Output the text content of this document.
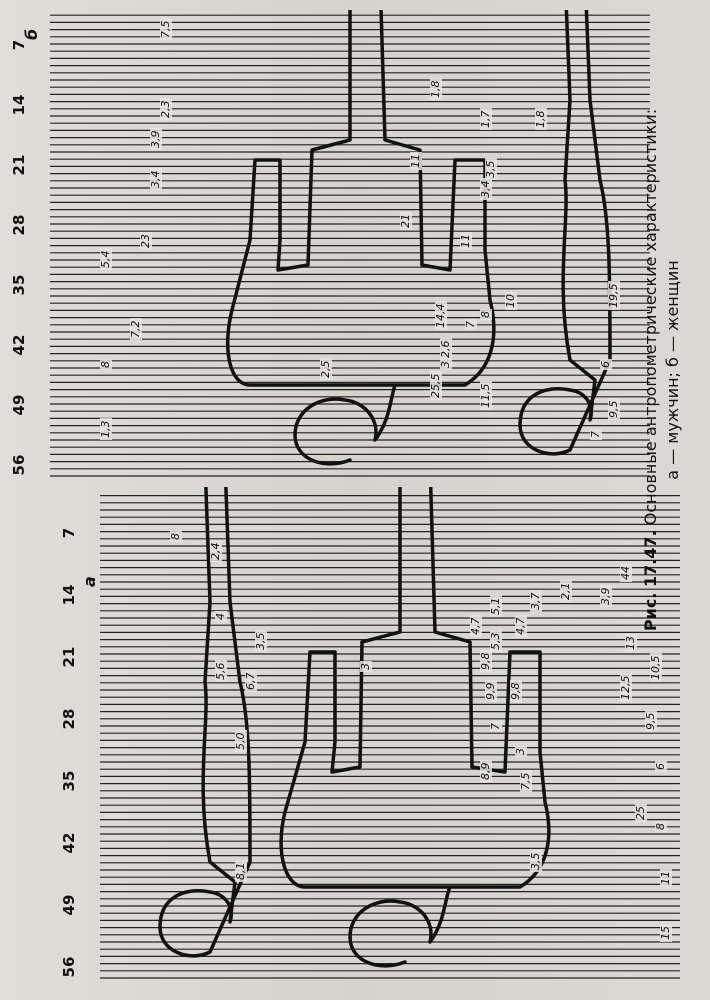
56
49
42
35
28
21
14
7
15
11
8
6
25
9,5
10,5
12,5
3,5
7,5
3
7
9,8
9,9
8,9
9,8
5,3
4,7
5,1
4,7
3,7
2,1 3,9
13
44
3
8,1
5,0
6,7
5,6
3,5
4
2,4
8
а
56
49
42
35
28
21
14
7
7
9,5
6
19,5
11,5
25,5
14,4
2,6
7
8
10
3
2,5
11
3,4
3,5
1,7	1,8
21
11
1,8
1,3
8
7,2
5,4
23
3,4
3,9
2,3
7,5
б
Рис. 17.47. Основные антропометрические характеристики: а — мужчин; б — женщин
